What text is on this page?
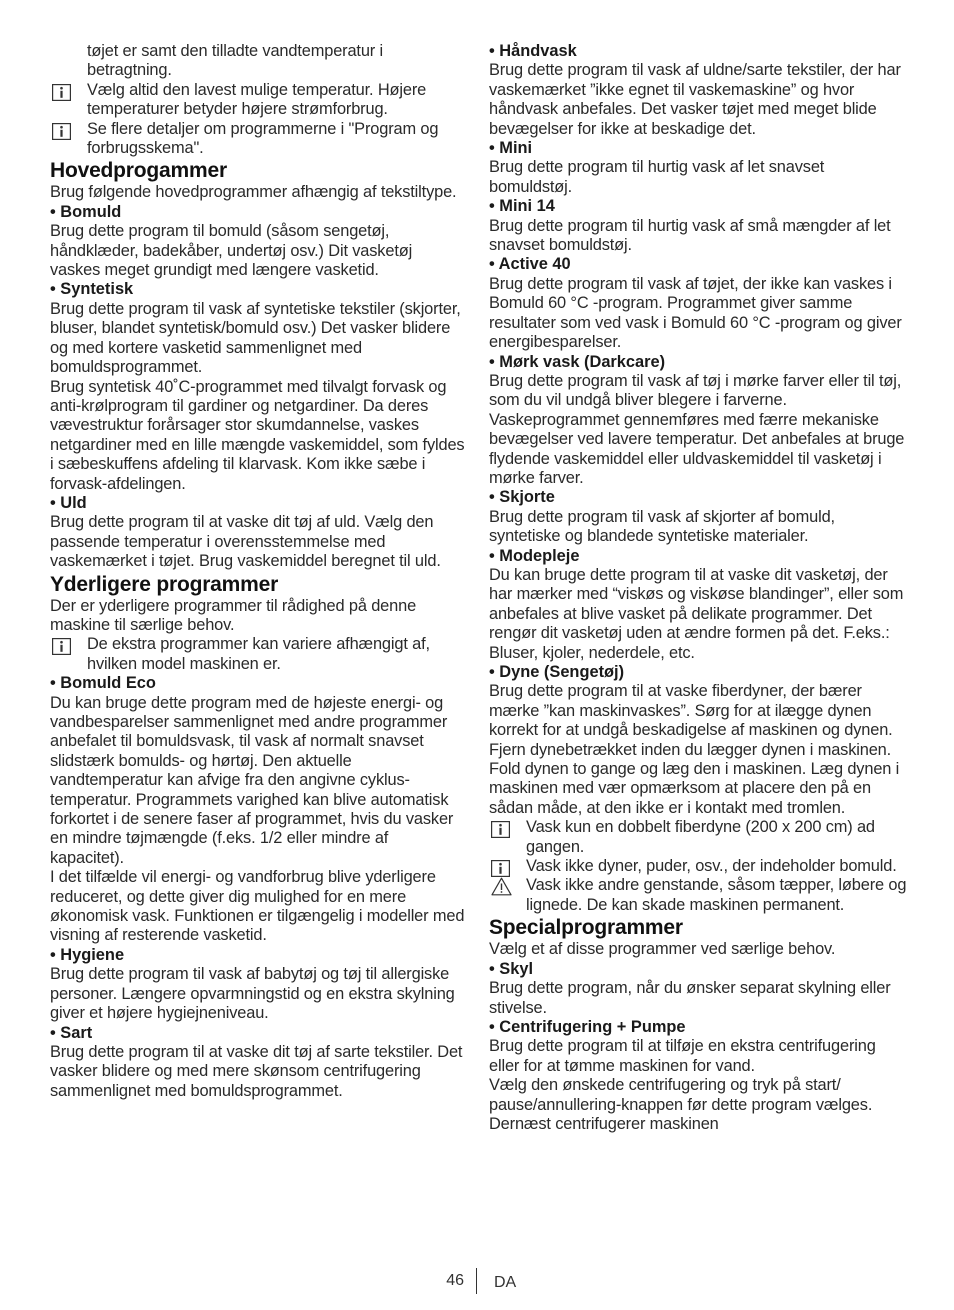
tøjet er samt den tilladte vandtemperatur i betragtning.

Vælg altid den lavest mulige temperatur. Højere temperaturer betyder højere strømforbrug.

Se flere detaljer om programmerne i "Program og forbrugsskema".

Hovedprogammer

Brug følgende hovedprogrammer afhængig af tekstiltype.

• Bomuld

Brug dette program til bomuld (såsom sengetøj, håndklæder, badekåber, undertøj osv.) Dit vasketøj vaskes meget grundigt med længere vasketid.

• Syntetisk

Brug dette program til vask af syntetiske tekstiler (skjorter, bluser, blandet syntetisk/bomuld osv.) Det vasker blidere og med kortere vasketid sammenlignet med bomuldsprogrammet.

Brug syntetisk 40˚C-programmet med tilvalgt forvask og anti-krølprogram til gardiner og netgardiner. Da deres vævestruktur forårsager stor skumdannelse, vaskes netgardiner med en lille mængde vaskemiddel, som fyldes i sæbeskuffens afdeling til klarvask. Kom ikke sæbe i forvask-afdelingen.

• Uld

Brug dette program til at vaske dit tøj af uld. Vælg den passende temperatur i overensstemmelse med vaskemærket i tøjet. Brug vaskemiddel beregnet til uld.

Yderligere programmer

Der er yderligere programmer til rådighed på denne maskine til særlige behov.

De ekstra programmer kan variere afhængigt af, hvilken model maskinen er.

• Bomuld Eco

Du kan bruge dette program med de højeste energi- og vandbesparelser sammenlignet med andre programmer anbefalet til bomuldsvask, til vask af normalt snavset slidstærk bomulds- og hørtøj. Den aktuelle vandtemperatur kan afvige fra den angivne cyklus-temperatur. Programmets varighed kan blive automatisk forkortet i de senere faser af programmet, hvis du vasker en mindre tøjmængde (f.eks. 1/2 eller mindre af kapacitet).

I det tilfælde vil energi- og vandforbrug blive yderligere reduceret, og dette giver dig mulighed for en mere økonomisk vask. Funktionen er tilgængelig i modeller med visning af resterende vasketid.

• Hygiene

Brug dette program til vask af babytøj og tøj til allergiske personer. Længere opvarmningstid og en ekstra skylning giver et højere hygiejneniveau.

• Sart

Brug dette program til at vaske dit tøj af sarte tekstiler. Det vasker blidere og med mere skønsom centrifugering sammenlignet med bomuldsprogrammet.

• Håndvask

Brug dette program til vask af uldne/sarte tekstiler, der har vaskemærket ”ikke egnet til vaskemaskine” og hvor håndvask anbefales. Det vasker tøjet med meget blide bevægelser for ikke at beskadige det.

• Mini

Brug dette program til hurtig vask af let snavset bomuldstøj.

• Mini 14

Brug dette program til hurtig vask af små mængder af let snavset bomuldstøj.

• Active 40

Brug dette program til vask af tøjet, der ikke kan vaskes i Bomuld 60 °C -program. Programmet giver samme resultater som ved vask i Bomuld 60 °C -program og giver energibesparelser.

• Mørk vask (Darkcare)

Brug dette program til vask af tøj i mørke farver eller til tøj, som du vil undgå bliver blegere i farverne. Vaskeprogrammet gennemføres med færre mekaniske bevægelser ved lavere temperatur. Det anbefales at bruge flydende vaskemiddel eller uldvaskemiddel til vasketøj i mørke farver.

• Skjorte

Brug dette program til vask af skjorter af bomuld, syntetiske og blandede syntetiske materialer.

• Modepleje

Du kan bruge dette program til at vaske dit vasketøj, der har mærker med “viskøs og viskøse blandinger”, eller som anbefales at blive vasket på delikate programmer. Det rengør dit vasketøj uden at ændre formen på det. F.eks.: Bluser, kjoler, nederdele, etc.

• Dyne (Sengetøj)

Brug dette program til at vaske fiberdyner, der bærer mærke ”kan maskinvaskes”. Sørg for at ilægge dynen korrekt for at undgå beskadigelse af maskinen og dynen. Fjern dynebetrækket inden du lægger dynen i maskinen. Fold dynen to gange og læg den i maskinen. Læg dynen i maskinen med vær opmærksom at placere den på en sådan måde, at den ikke er i kontakt med tromlen.

Vask kun en dobbelt fiberdyne (200 x 200 cm) ad gangen.

Vask ikke dyner, puder, osv., der indeholder bomuld.

Vask ikke andre genstande, såsom tæpper, løbere og lignede. De kan skade maskinen permanent.

Specialprogrammer

Vælg et af disse programmer ved særlige behov.

• Skyl

Brug dette program, når du ønsker separat skylning eller stivelse.

• Centrifugering + Pumpe

Brug dette program til at tilføje en ekstra centrifugering eller for at tømme maskinen for vand.

Vælg den ønskede centrifugering og tryk på start/ pause/annullering-knappen før dette program vælges. Dernæst centrifugerer maskinen

46 DA
